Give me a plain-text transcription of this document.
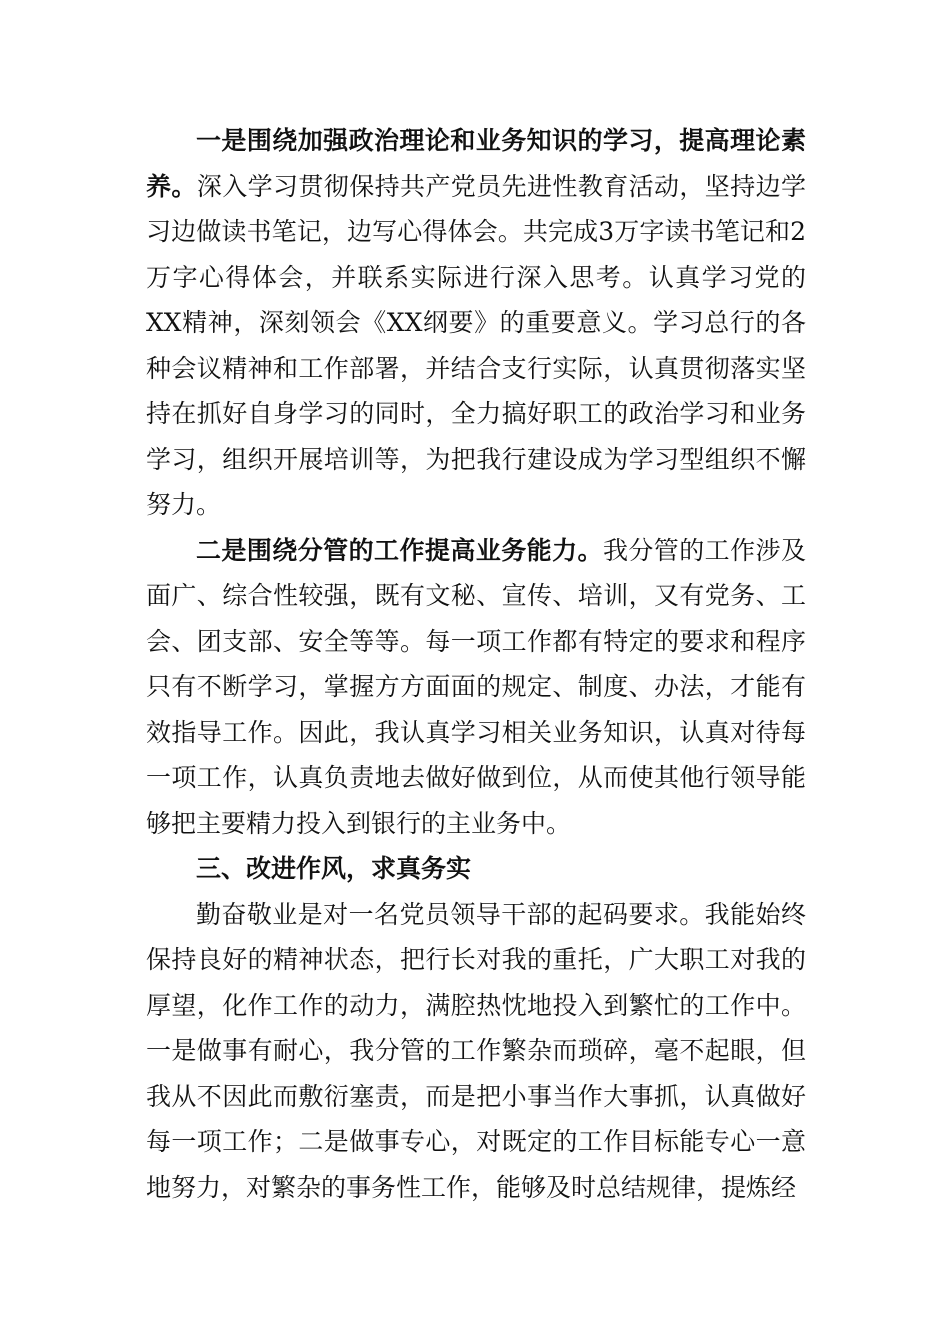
一是围绕加强政治理论和业务知识的学习，提高理论素养。深入学习贯彻保持共产党员先进性教育活动，坚持边学习边做读书笔记，边写心得体会。共完成3万字读书笔记和2万字心得体会，并联系实际进行深入思考。认真学习党的XX精神，深刻领会《XX纲要》的重要意义。学习总行的各种会议精神和工作部署，并结合支行实际，认真贯彻落实坚持在抓好自身学习的同时，全力搞好职工的政治学习和业务学习，组织开展培训等，为把我行建设成为学习型组织不懈努力。

二是围绕分管的工作提高业务能力。我分管的工作涉及面广、综合性较强，既有文秘、宣传、培训，又有党务、工会、团支部、安全等等。每一项工作都有特定的要求和程序只有不断学习，掌握方方面面的规定、制度、办法，才能有效指导工作。因此，我认真学习相关业务知识，认真对待每一项工作，认真负责地去做好做到位，从而使其他行领导能够把主要精力投入到银行的主业务中。

三、改进作风，求真务实

勤奋敬业是对一名党员领导干部的起码要求。我能始终保持良好的精神状态，把行长对我的重托，广大职工对我的厚望，化作工作的动力，满腔热忱地投入到繁忙的工作中。一是做事有耐心，我分管的工作繁杂而琐碎，毫不起眼，但我从不因此而敷衍塞责，而是把小事当作大事抓，认真做好每一项工作；二是做事专心，对既定的工作目标能专心一意地努力，对繁杂的事务性工作，能够及时总结规律，提炼经
